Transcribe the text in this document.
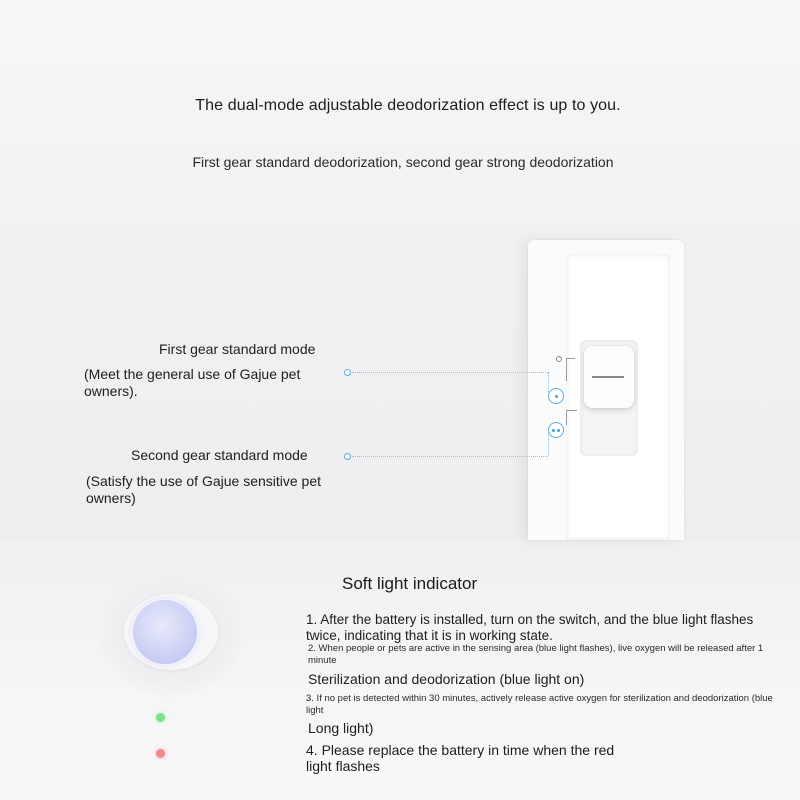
The dual-mode adjustable deodorization effect is up to you.
First gear standard deodorization, second gear strong deodorization
First gear standard mode
(Meet the general use of Gajue pet owners).
Second gear standard mode
(Satisfy the use of Gajue sensitive pet owners)
Soft light indicator
1. After the battery is installed, turn on the switch, and the blue light flashes twice, indicating that it is in working state.
2. When people or pets are active in the sensing area (blue light flashes), live oxygen will be released after 1 minute
Sterilization and deodorization (blue light on)
3. If no pet is detected within 30 minutes, actively release active oxygen for sterilization and deodorization (blue light
Long light)
4. Please replace the battery in time when the red light flashes
